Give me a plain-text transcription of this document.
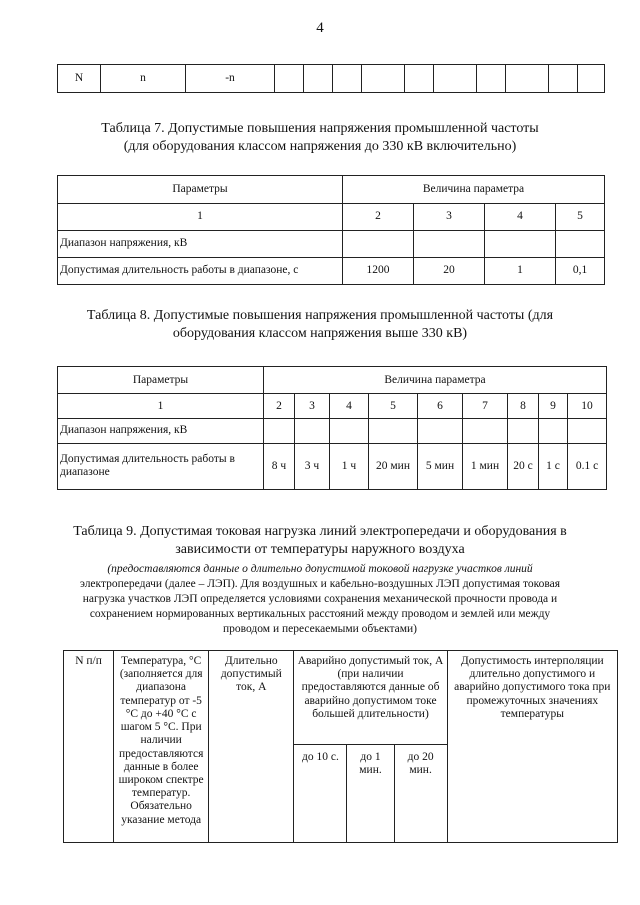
4
N	n	-n										
Таблица 7. Допустимые повышения напряжения промышленной частоты
(для оборудования классом напряжения до 330 кВ включительно)
Параметры	Величина параметра			
1	2	3	4	5
Диапазон напряжения, кВ				
Допустимая длительность работы в диапазоне, с	1200	20	1	0,1
Таблица 8. Допустимые повышения напряжения промышленной частоты (для
оборудования классом напряжения выше 330 кВ)
Параметры	Величина параметра								
1	2	3	4	5	6	7	8	9	10
Диапазон напряжения, кВ									
Допустимая длительность работы в диапазоне	8 ч	3 ч	1 ч	20 мин	5 мин	1 мин	20 с	1 с	0.1 с
Таблица 9. Допустимая токовая нагрузка линий электропередачи и оборудования в
зависимости от температуры наружного воздуха
(предоставляются данные о длительно допустимой токовой нагрузке участков линий
электропередачи (далее – ЛЭП). Для воздушных и кабельно-воздушных ЛЭП допустимая токовая
нагрузка участков ЛЭП определяется условиями сохранения механической прочности провода и
сохранением нормированных вертикальных расстояний между проводом и землей или между
проводом и пересекаемыми объектами)
N п/п	Температура, °C (заполняется для диапазона температур от -5 °C до +40 °C с шагом 5 °C. При наличии предоставляются данные в более широком спектре температур. Обязательно указание метода	Длительно допустимый ток, А	Аварийно допустимый ток, А (при наличии предоставляются данные об аварийно допустимом токе большей длительности)			Допустимость интерполяции длительно допустимого и аварийно допустимого тока при промежуточных значениях температуры
			до 10 с.	до 1 мин.	до 20 мин.	
